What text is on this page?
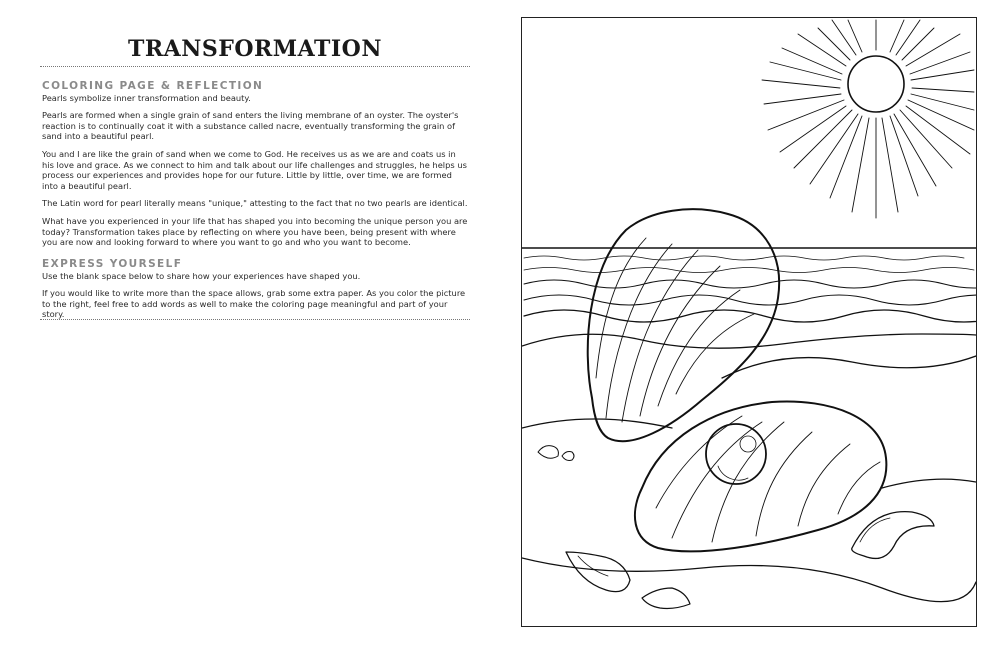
TRANSFORMATION
COLORING PAGE & REFLECTION

Pearls symbolize inner transformation and beauty.

Pearls are formed when a single grain of sand enters the living membrane of an oyster. The oyster's reaction is to continually coat it with a substance called nacre, eventually transforming the grain of sand into a beautiful pearl.

You and I are like the grain of sand when we come to God. He receives us as we are and coats us in his love and grace. As we connect to him and talk about our life challenges and struggles, he helps us process our experiences and provides hope for our future. Little by little, over time, we are formed into a beautiful pearl.

The Latin word for pearl literally means "unique," attesting to the fact that no two pearls are identical.

What have you experienced in your life that has shaped you into becoming the unique person you are today? Transformation takes place by reflecting on where you have been, being present with where you are now and looking forward to where you want to go and who you want to become.

EXPRESS YOURSELF

Use the blank space below to share how your experiences have shaped you.

If you would like to write more than the space allows, grab some extra paper. As you color the picture to the right, feel free to add words as well to make the coloring page meaningful and part of your story.
